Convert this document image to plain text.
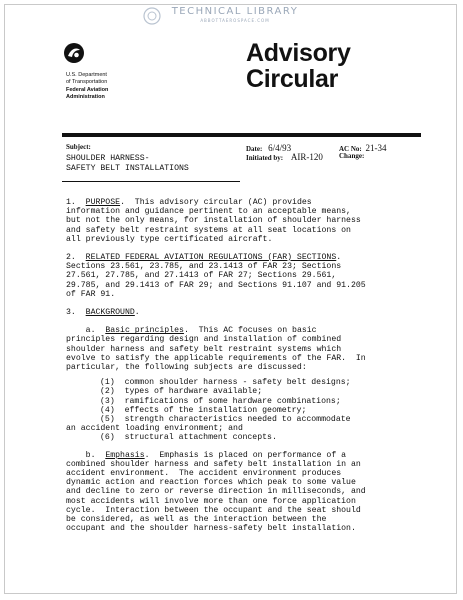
TECHNICAL LIBRARY
ABBOTTAEROSPACE.COM
U.S. Department
of Transportation
Federal Aviation
Administration
Advisory
Circular
Subject:	Date: 6/4/93
Initiated by: AIR-120
AC No: 21-34
Change:
SHOULDER HARNESS-
SAFETY BELT INSTALLATIONS
1. PURPOSE.  This advisory circular (AC) provides
information and guidance pertinent to an acceptable means,
but not the only means, for installation of shoulder harness
and safety belt restraint systems at all seat locations on
all previously type certificated aircraft.
2. RELATED FEDERAL AVIATION REGULATIONS (FAR) SECTIONS.
Sections 23.561, 23.785, and 23.1413 of FAR 23; Sections
27.561, 27.785, and 27.1413 of FAR 27; Sections 29.561,
29.785, and 29.1413 of FAR 29; and Sections 91.107 and 91.205
of FAR 91.
3. BACKGROUND.
a. Basic principles.  This AC focuses on basic
principles regarding design and installation of combined
shoulder harness and safety belt restraint systems which
evolve to satisfy the applicable requirements of the FAR.  In
particular, the following subjects are discussed:
(1)  common shoulder harness - safety belt designs;
(2)  types of hardware available;
(3)  ramifications of some hardware combinations;
(4)  effects of the installation geometry;
(5)  strength characteristics needed to accommodate
an accident loading environment; and
(6)  structural attachment concepts.
b. Emphasis.  Emphasis is placed on performance of a
combined shoulder harness and safety belt installation in an
accident environment.  The accident environment produces
dynamic action and reaction forces which peak to some value
and decline to zero or reverse direction in milliseconds, and
most accidents will involve more than one force application
cycle.  Interaction between the occupant and the seat should
be considered, as well as the interaction between the
occupant and the shoulder harness-safety belt installation.
